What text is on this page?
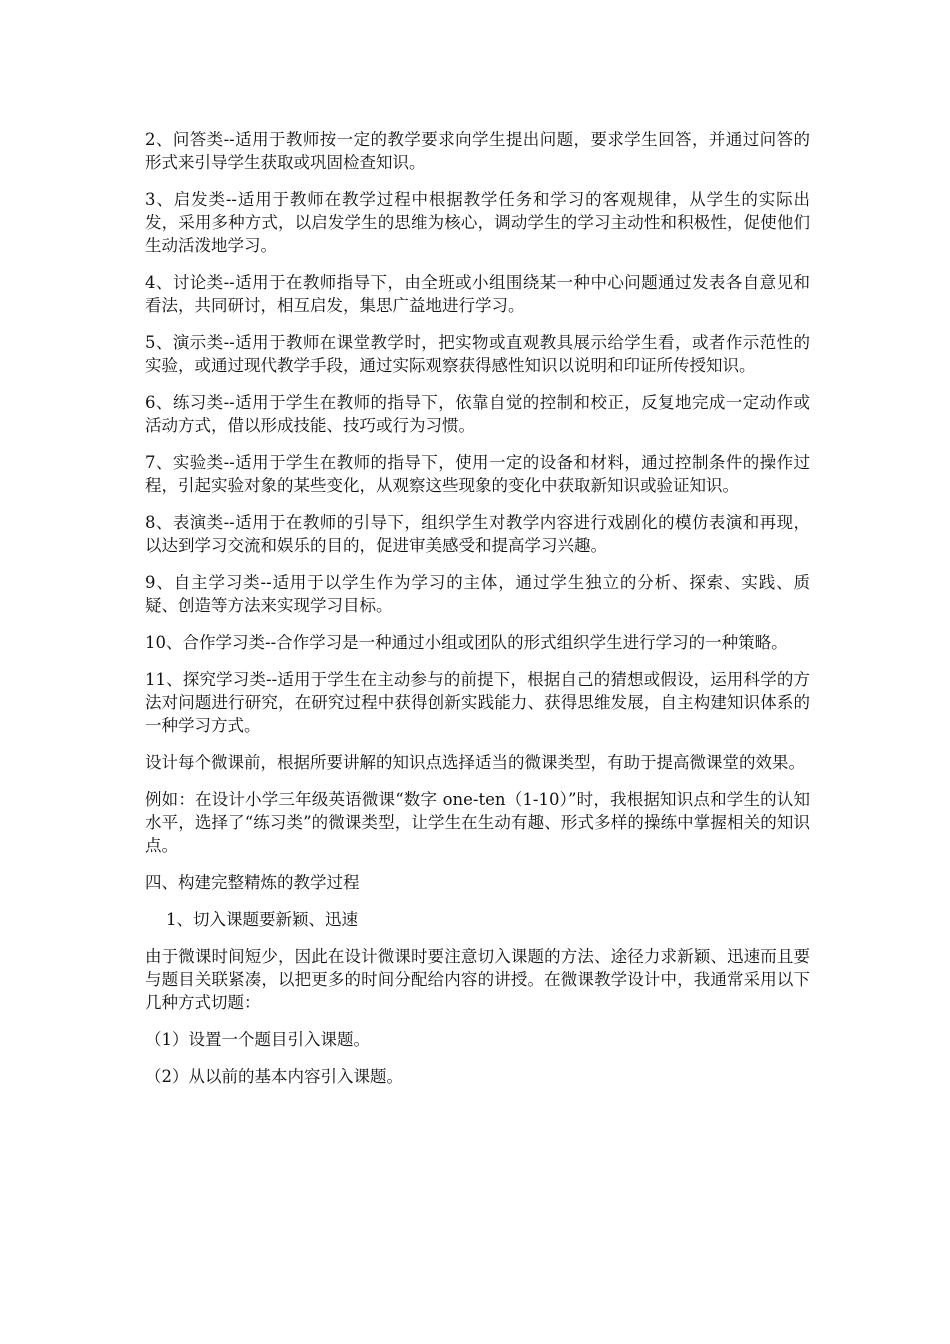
2、问答类--适用于教师按一定的教学要求向学生提出问题，要求学生回答，并通过问答的形式来引导学生获取或巩固检查知识。

3、启发类--适用于教师在教学过程中根据教学任务和学习的客观规律，从学生的实际出发，采用多种方式，以启发学生的思维为核心，调动学生的学习主动性和积极性，促使他们生动活泼地学习。

4、讨论类--适用于在教师指导下，由全班或小组围绕某一种中心问题通过发表各自意见和看法，共同研讨，相互启发，集思广益地进行学习。

5、演示类--适用于教师在课堂教学时，把实物或直观教具展示给学生看，或者作示范性的实验，或通过现代教学手段，通过实际观察获得感性知识以说明和印证所传授知识。

6、练习类--适用于学生在教师的指导下，依靠自觉的控制和校正，反复地完成一定动作或活动方式，借以形成技能、技巧或行为习惯。

7、实验类--适用于学生在教师的指导下，使用一定的设备和材料，通过控制条件的操作过程，引起实验对象的某些变化，从观察这些现象的变化中获取新知识或验证知识。

8、表演类--适用于在教师的引导下，组织学生对教学内容进行戏剧化的模仿表演和再现，以达到学习交流和娱乐的目的，促进审美感受和提高学习兴趣。

9、自主学习类--适用于以学生作为学习的主体，通过学生独立的分析、探索、实践、质疑、创造等方法来实现学习目标。

10、合作学习类--合作学习是一种通过小组或团队的形式组织学生进行学习的一种策略。

11、探究学习类--适用于学生在主动参与的前提下，根据自己的猜想或假设，运用科学的方法对问题进行研究，在研究过程中获得创新实践能力、获得思维发展，自主构建知识体系的一种学习方式。

设计每个微课前，根据所要讲解的知识点选择适当的微课类型，有助于提高微课堂的效果。

例如：在设计小学三年级英语微课“数字 one-ten（1-10）”时，我根据知识点和学生的认知水平，选择了“练习类”的微课类型，让学生在生动有趣、形式多样的操练中掌握相关的知识点。

四、构建完整精炼的教学过程

1、切入课题要新颖、迅速

由于微课时间短少，因此在设计微课时要注意切入课题的方法、途径力求新颖、迅速而且要与题目关联紧凑，以把更多的时间分配给内容的讲授。在微课教学设计中，我通常采用以下几种方式切题：

（1）设置一个题目引入课题。

（2）从以前的基本内容引入课题。
